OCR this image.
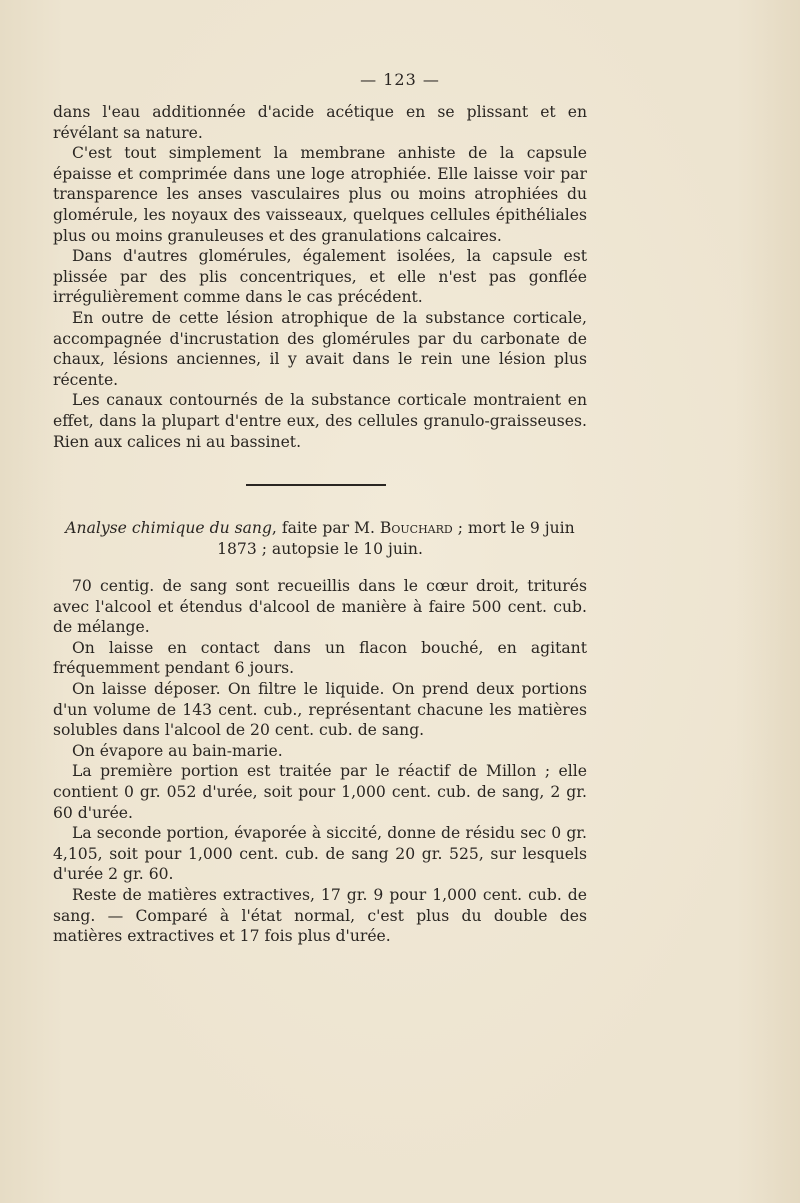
— 123 —

dans l'eau additionnée d'acide acétique en se plissant et en révélant sa nature.

C'est tout simplement la membrane anhiste de la capsule épaisse et comprimée dans une loge atrophiée. Elle laisse voir par transparence les anses vasculaires plus ou moins atrophiées du glomérule, les noyaux des vaisseaux, quelques cellules épithéliales plus ou moins granuleuses et des granulations calcaires.

Dans d'autres glomérules, également isolées, la capsule est plissée par des plis concentriques, et elle n'est pas gonflée irrégulièrement comme dans le cas précédent.

En outre de cette lésion atrophique de la substance corticale, accompagnée d'incrustation des glomérules par du carbonate de chaux, lésions anciennes, il y avait dans le rein une lésion plus récente.

Les canaux contournés de la substance corticale montraient en effet, dans la plupart d'entre eux, des cellules granulo-graisseuses. Rien aux calices ni au bassinet.

Analyse chimique du sang, faite par M. Bouchard ; mort le 9 juin 1873 ; autopsie le 10 juin.

70 centig. de sang sont recueillis dans le cœur droit, triturés avec l'alcool et étendus d'alcool de manière à faire 500 cent. cub. de mélange.

On laisse en contact dans un flacon bouché, en agitant fréquemment pendant 6 jours.

On laisse déposer. On filtre le liquide. On prend deux portions d'un volume de 143 cent. cub., représentant chacune les matières solubles dans l'alcool de 20 cent. cub. de sang.

On évapore au bain-marie.

La première portion est traitée par le réactif de Millon ; elle contient 0 gr. 052 d'urée, soit pour 1,000 cent. cub. de sang, 2 gr. 60 d'urée.

La seconde portion, évaporée à siccité, donne de résidu sec 0 gr. 4,105, soit pour 1,000 cent. cub. de sang 20 gr. 525, sur lesquels d'urée 2 gr. 60.

Reste de matières extractives, 17 gr. 9 pour 1,000 cent. cub. de sang. — Comparé à l'état normal, c'est plus du double des matières extractives et 17 fois plus d'urée.
